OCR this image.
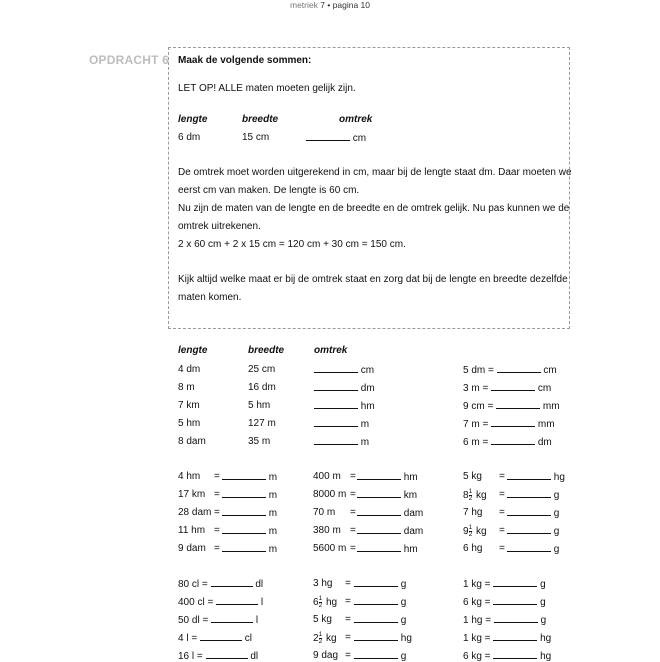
metriek 7 • pagina 10
OPDRACHT 6 Maak de volgende sommen:
LET OP! ALLE maten moeten gelijk zijn.
lengte	breedte	omtrek
6 dm	15 cm	cm
De omtrek moet worden uitgerekend in cm, maar bij de lengte staat dm. Daar moeten we
eerst cm van maken. De lengte is 60 cm.
Nu zijn de maten van de lengte en de breedte en de omtrek gelijk. Nu pas kunnen we de
omtrek uitrekenen.
2 x 60 cm + 2 x 15 cm = 120 cm + 30 cm = 150 cm.
Kijk altijd welke maat er bij de omtrek staat en zorg dat bij de lengte en breedte dezelfde
maten komen.
lengte	breedte	omtrek
4 dm	25 cm	cm
8 m	16 dm	dm
7 km	5 hm	hm
5 hm	127 m	m
8 dam	35 m	m
5 dm =	cm
3 m =	cm
9 cm =	mm
7 m =	mm
6 m =	dm
4 hm =	m
17 km =	m
28 dam =	m
11 hm =	m
9 dam =	m
400 m =	hm
8000 m =	km
70 m =	dam
380 m =	dam
5600 m =	hm
5 kg =	hg
$8 \frac{1}{2}$ kg =	g
7 hg =	g
$9 \frac{1}{2}$ kg =	g
6 hg =	g
80 cl =	dl
400 cl =	l
50 dl =	l
4 l =	cl
16 l =	dl
3 hg =	g
$6 \frac{1}{2}$ hg =	g
5 kg =	g
$2 \frac{1}{2}$ kg =	hg
9 dag =	g
1 kg =	g
6 kg =	g
1 hg =	g
1 kg =	hg
6 kg =	hg
